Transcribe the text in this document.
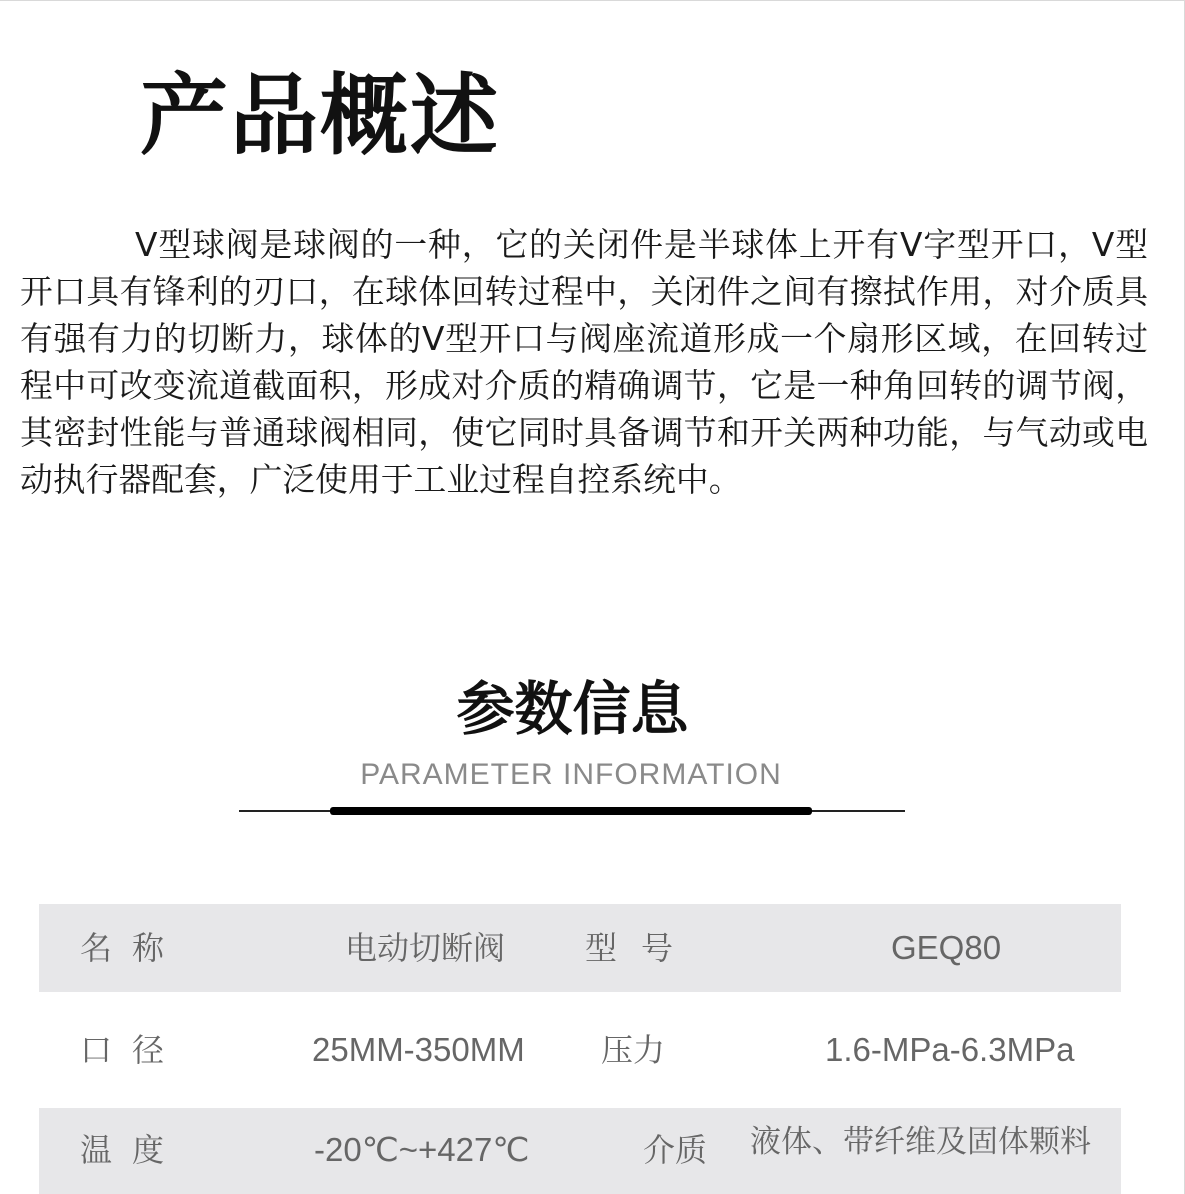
产品概述

V型球阀是球阀的一种，它的关闭件是半球体上开有V字型开口，V型开口具有锋利的刃口，在球体回转过程中，关闭件之间有擦拭作用，对介质具有强有力的切断力，球体的V型开口与阀座流道形成一个扇形区域，在回转过程中可改变流道截面积，形成对介质的精确调节，它是一种角回转的调节阀，其密封性能与普通球阀相同，使它同时具备调节和开关两种功能，与气动或电动执行器配套，广泛使用于工业过程自控系统中。

参数信息
PARAMETER INFORMATION
名称	电动切断阀 型号	GEQ80
口径	25MM-350MM 压力	1.6-MPa-6.3MPa
温度	-20℃~+427℃	介质 液体、带纤维及固体颗料
